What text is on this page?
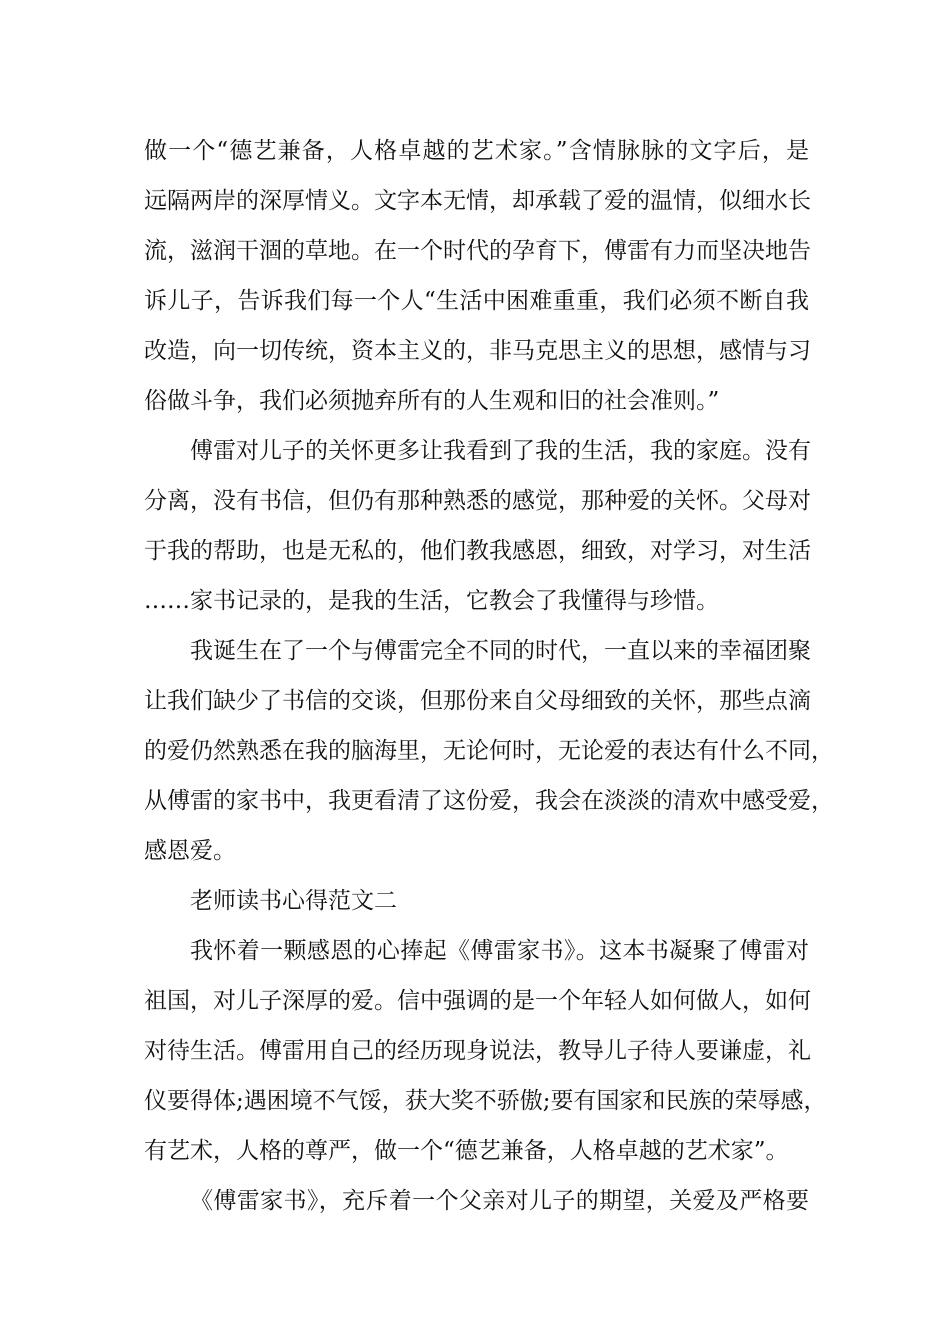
做一个“德艺兼备，人格卓越的艺术家。”含情脉脉的文字后，是
远隔两岸的深厚情义。文字本无情，却承载了爱的温情，似细水长
流，滋润干涸的草地。在一个时代的孕育下，傅雷有力而坚决地告
诉儿子，告诉我们每一个人“生活中困难重重，我们必须不断自我
改造，向一切传统，资本主义的，非马克思主义的思想，感情与习
俗做斗争，我们必须抛弃所有的人生观和旧的社会准则。”
傅雷对儿子的关怀更多让我看到了我的生活，我的家庭。没有
分离，没有书信，但仍有那种熟悉的感觉，那种爱的关怀。父母对
于我的帮助，也是无私的，他们教我感恩，细致，对学习，对生活
……家书记录的，是我的生活，它教会了我懂得与珍惜。
我诞生在了一个与傅雷完全不同的时代，一直以来的幸福团聚
让我们缺少了书信的交谈，但那份来自父母细致的关怀，那些点滴
的爱仍然熟悉在我的脑海里，无论何时，无论爱的表达有什么不同，
从傅雷的家书中，我更看清了这份爱，我会在淡淡的清欢中感受爱，
感恩爱。
老师读书心得范文二
我怀着一颗感恩的心捧起《傅雷家书》。这本书凝聚了傅雷对
祖国，对儿子深厚的爱。信中强调的是一个年轻人如何做人，如何
对待生活。傅雷用自己的经历现身说法，教导儿子待人要谦虚，礼
仪要得体;遇困境不气馁，获大奖不骄傲;要有国家和民族的荣辱感，
有艺术，人格的尊严，做一个“德艺兼备，人格卓越的艺术家”。
《傅雷家书》，充斥着一个父亲对儿子的期望，关爱及严格要
